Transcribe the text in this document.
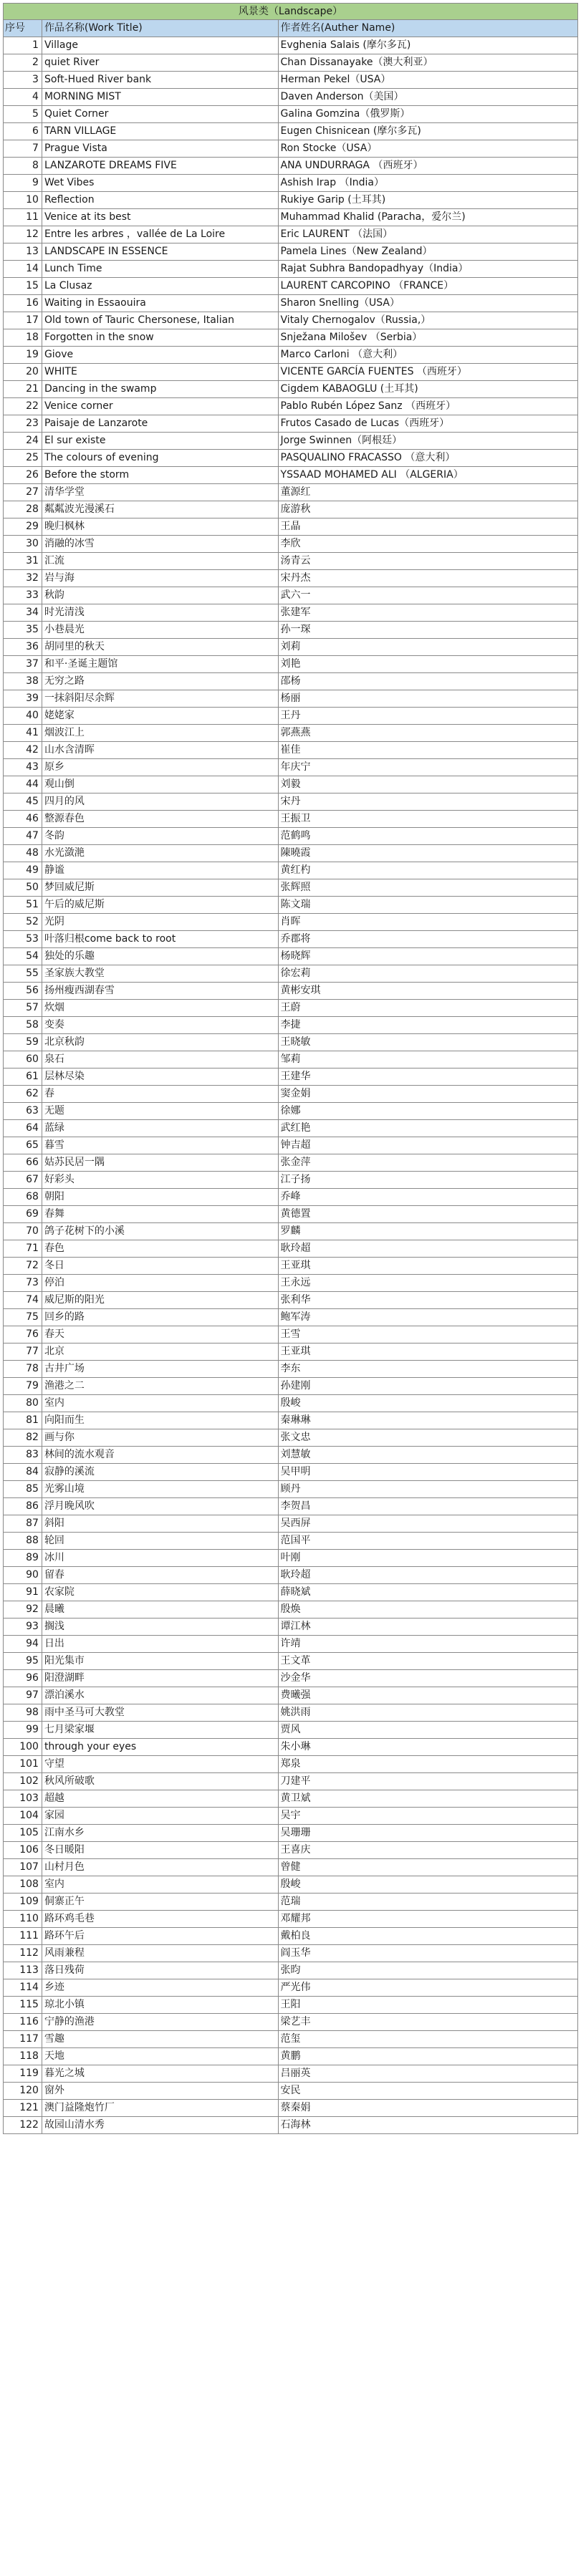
风景类（Landscape）
序号	作品名称(Work Title)	作者姓名(Auther Name)
1 Village	Evghenia Salais (摩尔多瓦)
2 quiet River	Chan Dissanayake（澳大利亚）
3 Soft-Hued River bank	Herman Pekel（USA）
4 MORNING MIST	Daven Anderson（美国）
5 Quiet Corner	Galina Gomzina（俄罗斯）
6 TARN VILLAGE	Eugen Chisnicean (摩尔多瓦)
7 Prague Vista	Ron Stocke（USA）
8 LANZAROTE DREAMS FIVE	ANA UNDURRAGA （西班牙）
9 Wet Vibes	Ashish Irap （India）
10 Reflection	Rukiye Garip (土耳其)
11 Venice at its best	Muhammad Khalid (Paracha，爱尔兰)
12 Entre les arbres ，vallée de La Loire	Eric LAURENT （法国）
13 LANDSCAPE IN ESSENCE	Pamela Lines（New Zealand）
14 Lunch Time	Rajat Subhra Bandopadhyay（India）
15 La Clusaz	LAURENT CARCOPINO （FRANCE）
16 Waiting in Essaouira	Sharon Snelling（USA）
17 Old town of Tauric Chersonese, Italian	Vitaly Chernogalov（Russia,）
18 Forgotten in the snow	Snježana Milošev （Serbia）
19 Giove	Marco Carloni （意大利）
20 WHITE	VICENTE GARCÍA FUENTES （西班牙）
21 Dancing in the swamp	Cigdem KABAOGLU (土耳其)
22 Venice corner	Pablo Rubén López Sanz （西班牙）
23 Paisaje de Lanzarote	Frutos Casado de Lucas（西班牙）
24 El sur existe	Jorge Swinnen（阿根廷）
25 The colours of evening	PASQUALINO FRACASSO （意大利）
26 Before the storm	YSSAAD MOHAMED ALI （ALGERIA）
27 清华学堂	董源红
28 粼粼波光漫溪石	庞游秋
29 晚归枫林	王晶
30 消融的冰雪	李欣
31 汇流	汤青云
32 岩与海	宋丹杰
33 秋韵	武六一
34 时光清浅	张建军
35 小巷晨光	孙一琛
36 胡同里的秋天	刘莉
37 和平·圣诞主题馆	刘艳
38 无穷之路	邵杨
39 一抹斜阳尽余辉	杨丽
40 姥姥家	王丹
41 烟波江上	郭燕燕
42 山水含清晖	崔佳
43 原乡	年庆宁
44 观山倒	刘毅
45 四月的风	宋丹
46 整源春色	王振卫
47 冬韵	范鹤鸣
48 水光潋滟	陳曉霞
49 静谧	黄红杓
50 梦回威尼斯	张辉照
51 午后的威尼斯	陈文瑞
52 光阴	肖晖
53 叶落归根come back to root	乔郡将
54 独处的乐趣	杨晓辉
55 圣家族大教堂	徐宏莉
56 扬州瘦西湖春雪	黄彬安琪
57 炊烟	王蔚
58 变奏	李捷
59 北京秋韵	王晓敏
60 泉石	邹莉
61 层林尽染	王建华
62 春	窦金娟
63 无题	徐娜
64 蓝绿	武红艳
65 暮雪	钟吉超
66 姑苏民居一隅	张金萍
67 好彩头	江子扬
68 朝阳	乔峰
69 春舞	黄德置
70 鸽子花树下的小溪	罗麟
71 春色	耿玲超
72 冬日	王亚琪
73 停泊	王永远
74 威尼斯的阳光	张利华
75 回乡的路	鲍军涛
76 春天	王雪
77 北京	王亚琪
78 古井广场	李东
79 渔港之二	孙建刚
80 室内	殷峻
81 向阳而生	秦琳琳
82 画与你	张文忠
83 林间的流水观音	刘慧敏
84 寂静的溪流	吴甲明
85 光雾山境	顾丹
86 浮月晚风吹	李贺昌
87 斜阳	吴西屏
88 轮回	范国平
89 冰川	叶刚
90 留春	耿玲超
91 农家院	薛晓斌
92 晨曦	殷焕
93 搁浅	谭江林
94 日出	许靖
95 阳光集市	王文革
96 阳澄湖畔	沙金华
97 漂泊溪水	费曦强
98 雨中圣马可大教堂	姚洪雨
99 七月梁家堰	贾风
100 through your eyes	朱小琳
101 守望	郑泉
102 秋风所破歌	刀建平
103 超越	黄卫斌
104 家园	吴宇
105 江南水乡	吴珊珊
106 冬日暖阳	王喜庆
107 山村月色	曾健
108 室内	殷峻
109 侗寨正午	范瑞
110 路环鸡毛巷	邓耀邦
111 路环午后	戴柏良
112 风雨兼程	阎玉华
113 落日残荷	张昀
114 乡迹	严光伟
115 琼北小镇	王阳
116 宁静的渔港	梁艺丰
117 雪趣	范玺
118 天地	黄鹏
119 暮光之城	吕丽英
120 窗外	安民
121 澳门益隆炮竹厂	蔡秦娟
122 故园山清水秀	石海林
